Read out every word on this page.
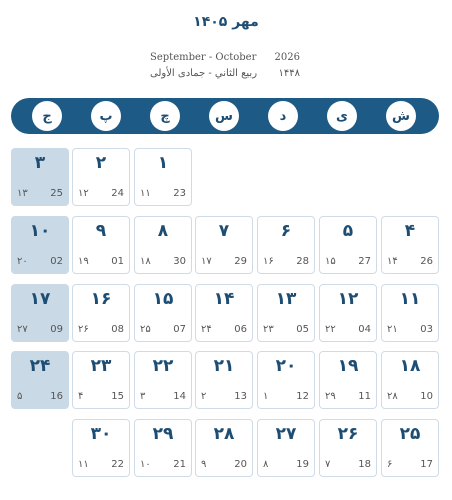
مهر ۱۴۰۵
September - October 2026
ربیع الثاني - جمادى الأولى ۱۴۴۸
ش
ی
د
س
چ
پ
ج
۱
23
۱۱
۲
24
۱۲
۳
25
۱۳
۴
26
۱۴
۵
27
۱۵
۶
28
۱۶
۷
29
۱۷
۸
30
۱۸
۹
01
۱۹
۱۰
02
۲۰
۱۱
03
۲۱
۱۲
04
۲۲
۱۳
05
۲۳
۱۴
06
۲۴
۱۵
07
۲۵
۱۶
08
۲۶
۱۷
09
۲۷
۱۸
10
۲۸
۱۹
11
۲۹
۲۰
12
۱
۲۱
13
۲
۲۲
14
۳
۲۳
15
۴
۲۴
16
۵
۲۵
17
۶
۲۶
18
۷
۲۷
19
۸
۲۸
20
۹
۲۹
21
۱۰
۳۰
22
۱۱
